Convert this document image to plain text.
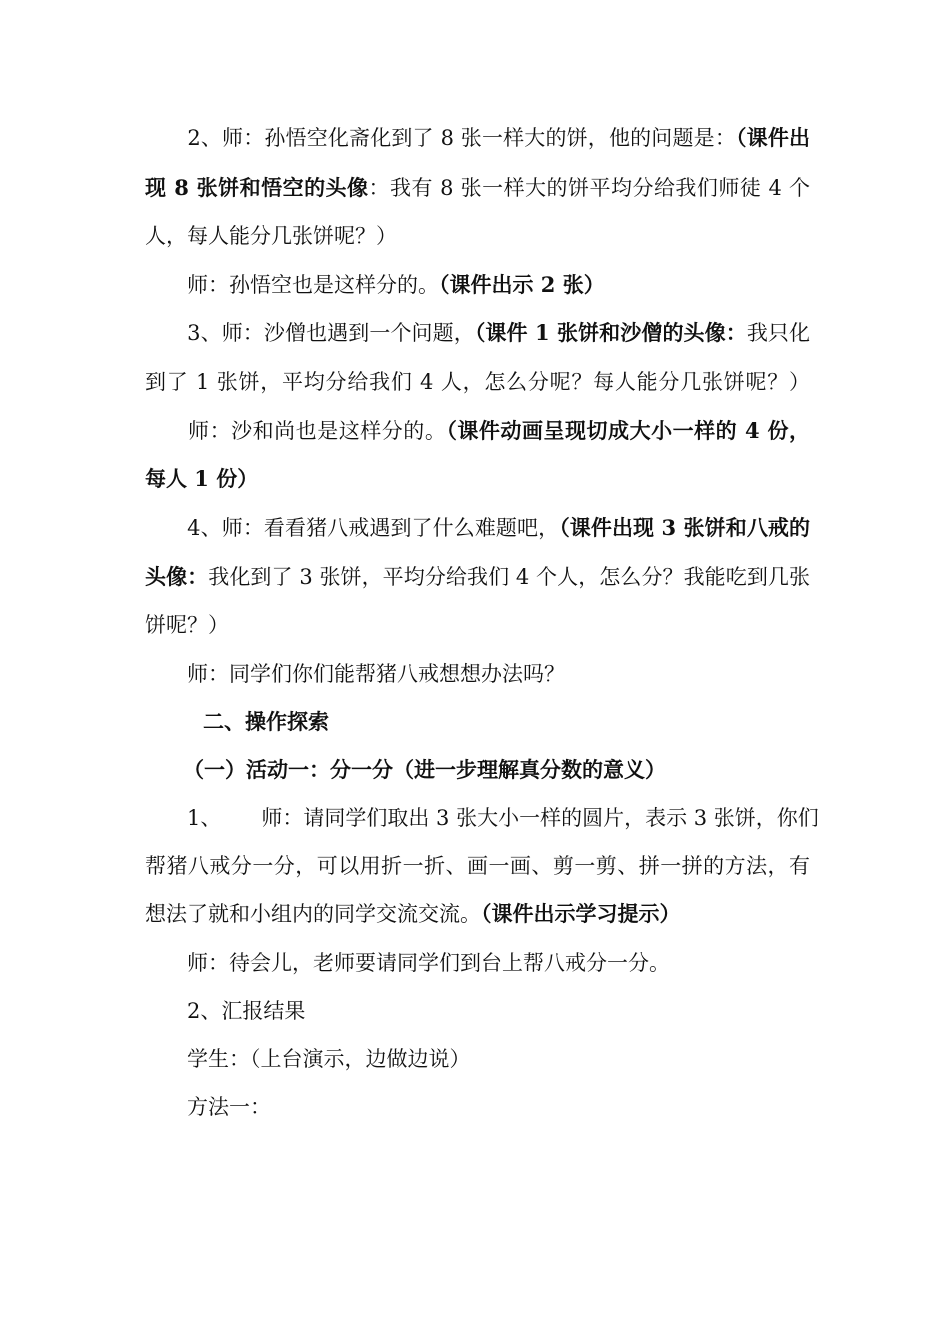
　　2、师：孙悟空化斋化到了 8 张一样大的饼，他的问题是：（课件出
现 8 张饼和悟空的头像：我有 8 张一样大的饼平均分给我们师徒 4 个
人，每人能分几张饼呢？）
　　师：孙悟空也是这样分的。（课件出示 2 张）
　　3、师：沙僧也遇到一个问题，（课件 1 张饼和沙僧的头像：我只化
到了 1 张饼，平均分给我们 4 人，怎么分呢？每人能分几张饼呢？）
　　师：沙和尚也是这样分的。（课件动画呈现切成大小一样的 4 份，
每人 1 份）
　　4、师：看看猪八戒遇到了什么难题吧，（课件出现 3 张饼和八戒的
头像：我化到了 3 张饼，平均分给我们 4 个人，怎么分？我能吃到几张
饼呢？）
　　师：同学们你们能帮猪八戒想想办法吗？
二、操作探索
（一）活动一：分一分（进一步理解真分数的意义）
　　1、 师：请同学们取出 3 张大小一样的圆片，表示 3 张饼，你们
帮猪八戒分一分，可以用折一折、画一画、剪一剪、拼一拼的方法，有
想法了就和小组内的同学交流交流。（课件出示学习提示）
　　师：待会儿，老师要请同学们到台上帮八戒分一分。
　　2、汇报结果
　　学生：（上台演示，边做边说）
　　方法一：
